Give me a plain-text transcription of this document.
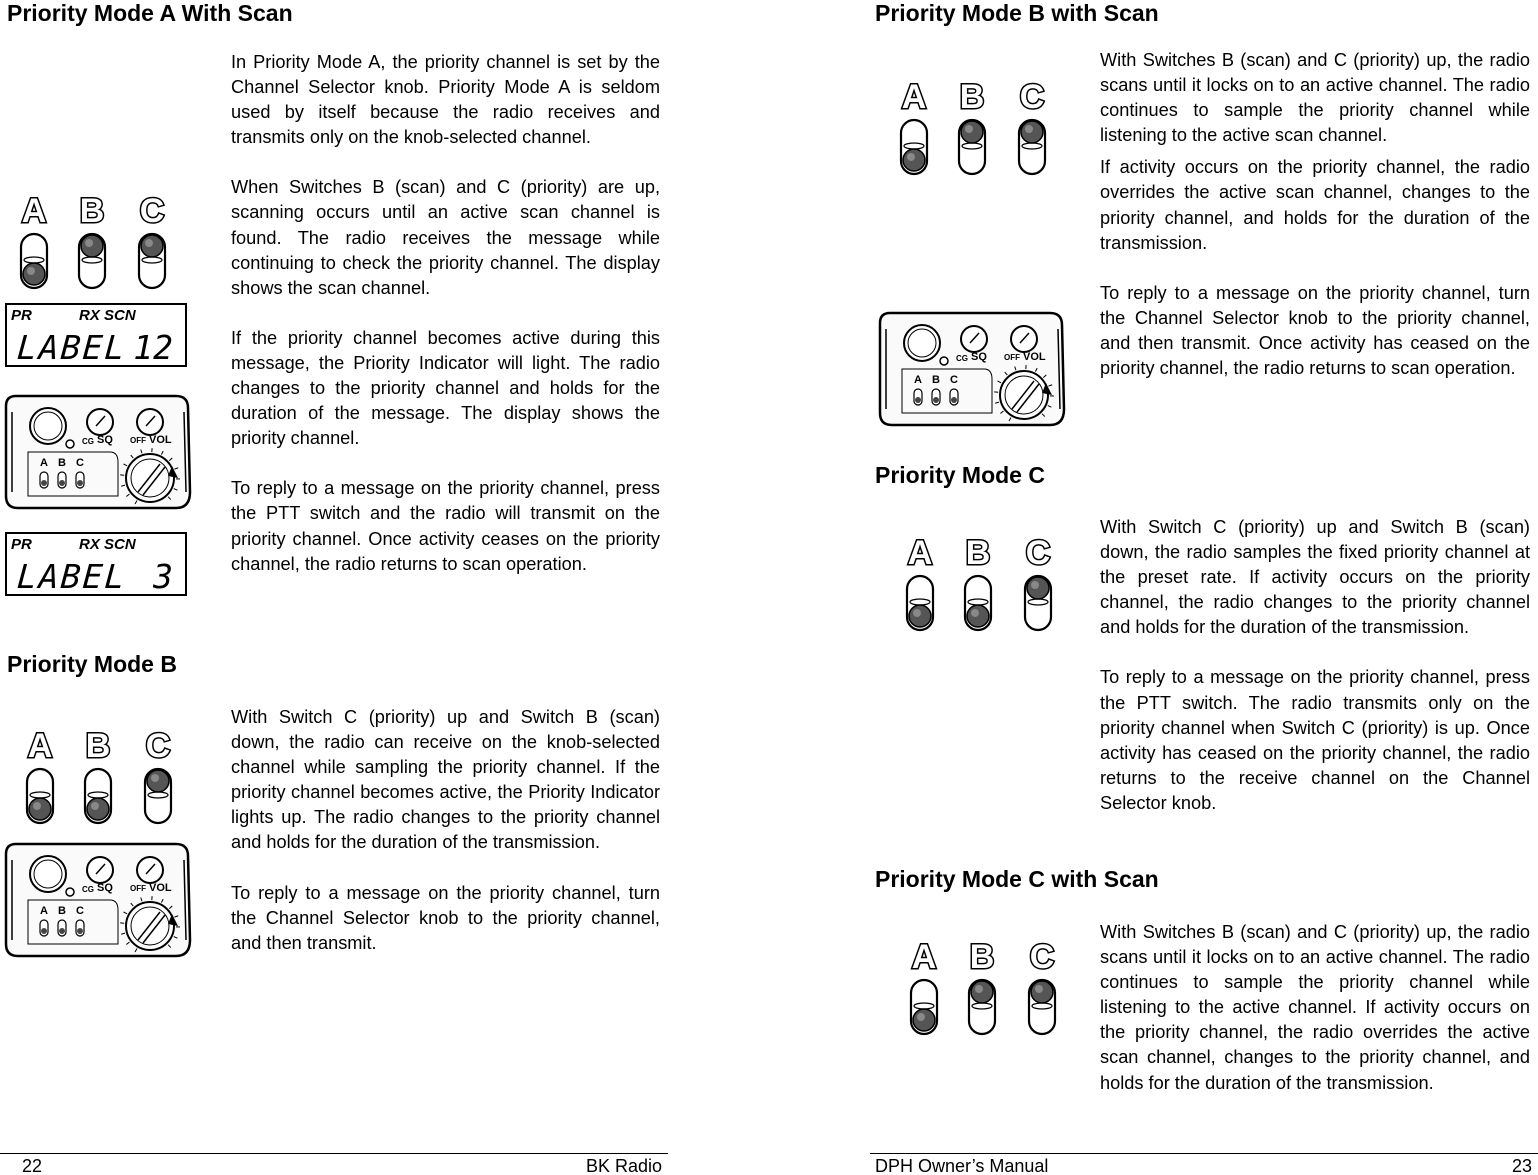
Priority Mode A With Scan

In Priority Mode A, the priority channel is set by the Channel Selector knob. Priority Mode A is seldom used by itself because the radio receives and transmits only on the knob-selected channel.

When Switches B (scan) and C (priority) are up, scanning occurs until an active scan channel is found. The radio receives the message while continuing to check the priority channel. The display shows the scan channel.

If the priority channel becomes active during this message, the Priority Indicator will light. The radio changes to the priority channel and holds for the duration of the message. The display shows the priority channel.

To reply to a message on the priority channel, press the PTT switch and the radio will transmit on the priority channel. Once activity ceases on the priority channel, the radio returns to scan operation.

A B C
PR	RX SCN
LABEL 12
CG SQ OFF VOL
A B C
PR	RX SCN
LABEL 3
Priority Mode B

With Switch C (priority) up and Switch B (scan) down, the radio can receive on the knob-selected channel while sampling the priority channel. If the priority channel becomes active, the Priority Indicator lights up. The radio changes to the priority channel and holds for the duration of the transmission.

To reply to a message on the priority channel, turn the Channel Selector knob to the priority channel, and then transmit.

A B C
CG SQ OFF VOL
A B C
22	BK Radio
Priority Mode B with Scan

With Switches B (scan) and C (priority) up, the radio scans until it locks on to an active channel. The radio continues to sample the priority channel while listening to the active scan channel.

If activity occurs on the priority channel, the radio overrides the active scan channel, changes to the priority channel, and holds for the duration of the transmission.

To reply to a message on the priority channel, turn the Channel Selector knob to the priority channel, and then transmit. Once activity has ceased on the priority channel, the radio returns to scan operation.

A B C
CG SQ OFF VOL
A B C
Priority Mode C

With Switch C (priority) up and Switch B (scan) down, the radio samples the fixed priority channel at the preset rate. If activity occurs on the priority channel, the radio changes to the priority channel and holds for the duration of the transmission.

To reply to a message on the priority channel, press the PTT switch. The radio transmits only on the priority channel when Switch C (priority) is up. Once activity has ceased on the priority channel, the radio returns to the receive channel on the Channel Selector knob.

A B C
Priority Mode C with Scan

With Switches B (scan) and C (priority) up, the radio scans until it locks on to an active channel. The radio continues to sample the priority channel while listening to the active channel. If activity occurs on the priority channel, the radio overrides the active scan channel, changes to the priority channel, and holds for the duration of the transmission.

A B C
DPH Owner’s Manual	23
